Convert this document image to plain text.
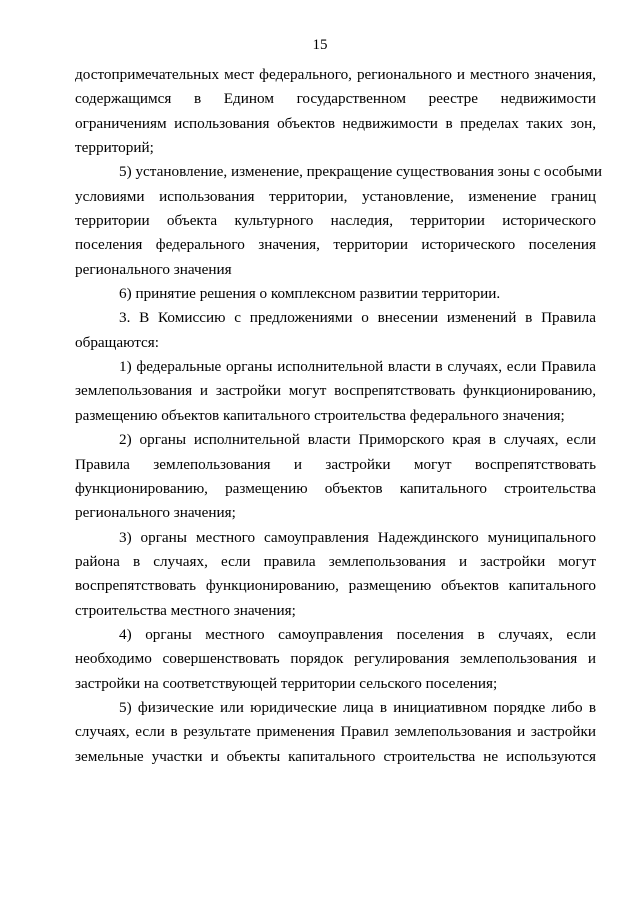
15
достопримечательных мест федерального, регионального и местного значения,
содержащимся в Едином государственном реестре недвижимости
ограничениям использования объектов недвижимости в пределах таких зон,
территорий;
5) установление, изменение, прекращение существования зоны с особыми
условиями использования территории, установление, изменение границ
территории объекта культурного наследия, территории исторического
поселения федерального значения, территории исторического поселения
регионального значения
6) принятие решения о комплексном развитии территории.
3. В Комиссию с предложениями о внесении изменений в Правила
обращаются:
1) федеральные органы исполнительной власти в случаях, если Правила
землепользования и застройки могут воспрепятствовать функционированию,
размещению объектов капитального строительства федерального значения;
2) органы исполнительной власти Приморского края в случаях, если
Правила землепользования и застройки могут воспрепятствовать
функционированию, размещению объектов капитального строительства
регионального значения;
3) органы местного самоуправления Надеждинского муниципального
района в случаях, если правила землепользования и застройки могут
воспрепятствовать функционированию, размещению объектов капитального
строительства местного значения;
4) органы местного самоуправления поселения в случаях, если
необходимо совершенствовать порядок регулирования землепользования и
застройки на соответствующей территории сельского поселения;
5) физические или юридические лица в инициативном порядке либо в
случаях, если в результате применения Правил землепользования и застройки
земельные участки и объекты капитального строительства не используются
